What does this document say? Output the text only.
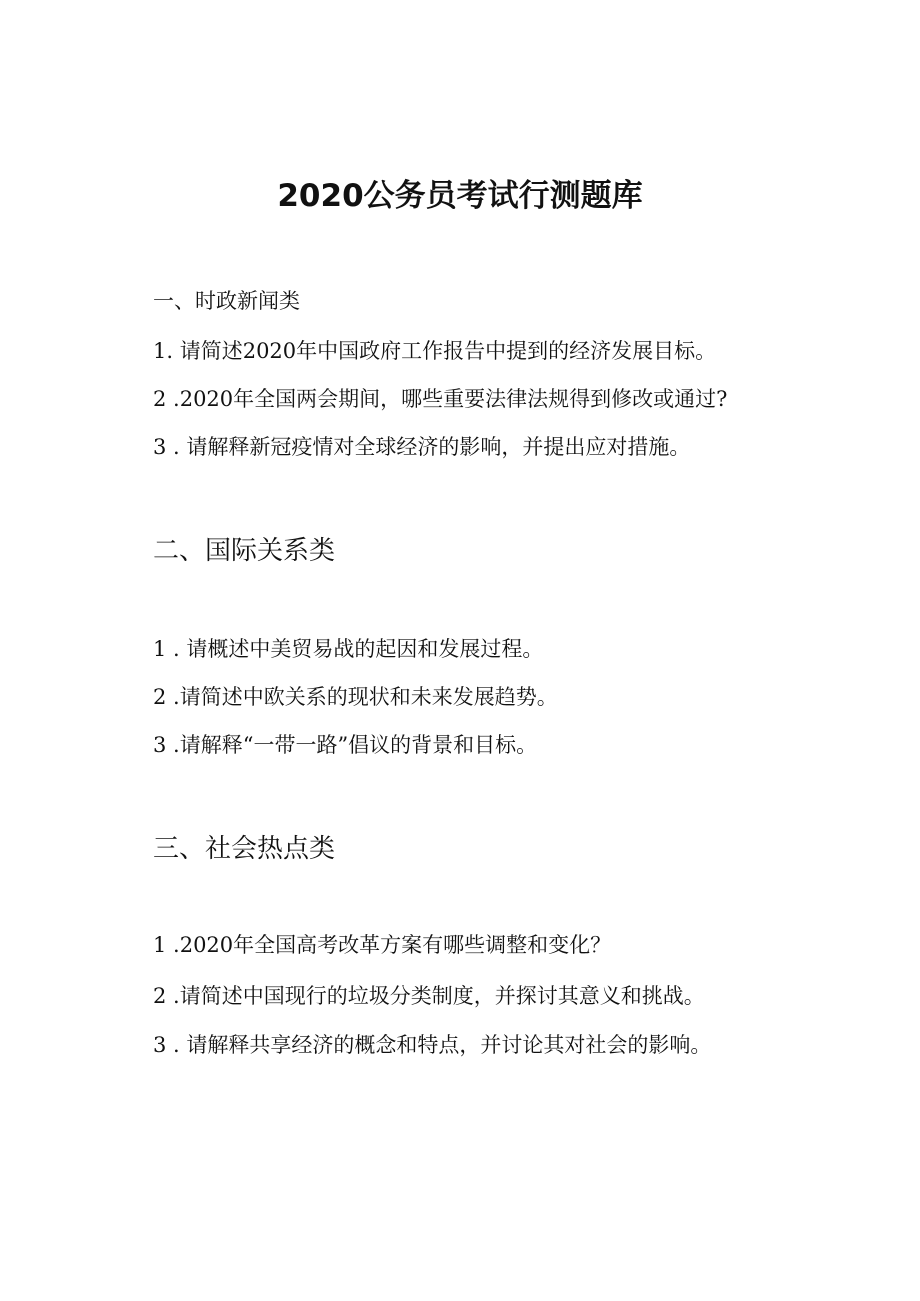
2020公务员考试行测题库
一、时政新闻类
1. 请简述2020年中国政府工作报告中提到的经济发展目标。
2 .2020年全国两会期间，哪些重要法律法规得到修改或通过?
3 . 请解释新冠疫情对全球经济的影响，并提出应对措施。
二、国际关系类
1 . 请概述中美贸易战的起因和发展过程。
2 .请简述中欧关系的现状和未来发展趋势。
3 .请解释“一带一路”倡议的背景和目标。
三、社会热点类
1 .2020年全国高考改革方案有哪些调整和变化？
2 .请简述中国现行的垃圾分类制度，并探讨其意义和挑战。
3 . 请解释共享经济的概念和特点，并讨论其对社会的影响。
